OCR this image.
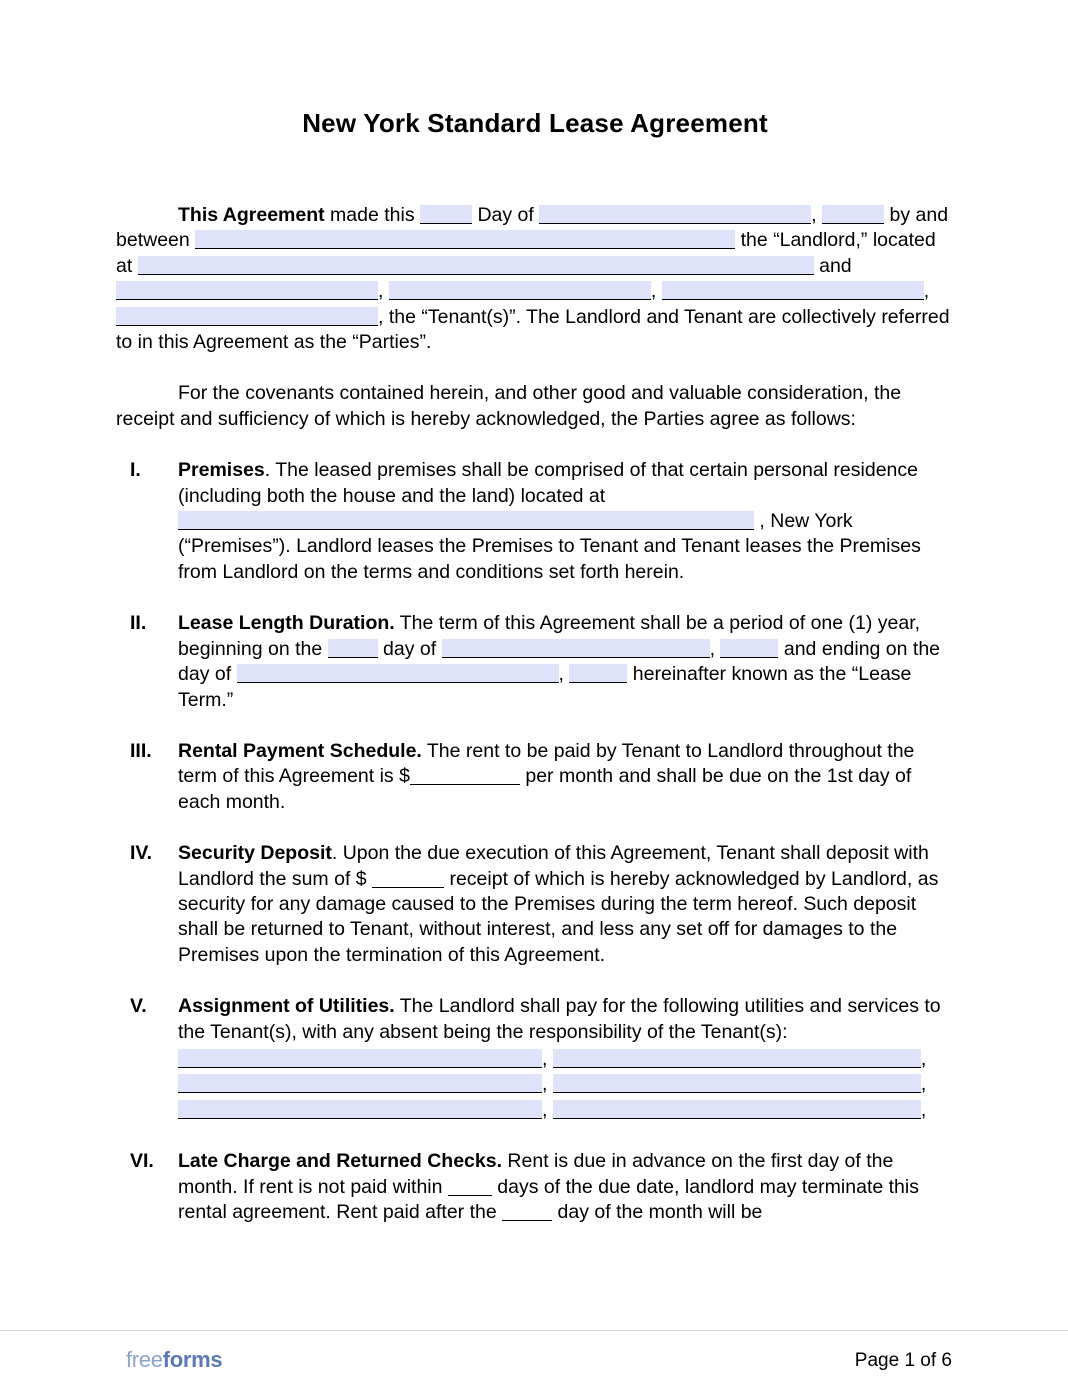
New York Standard Lease Agreement
This Agreement made this	Day of	,	by and between	the “Landlord,” located at	and ,	,	,, the “Tenant(s)”. The Landlord and Tenant are collectively referred to in this Agreement as the “Parties”.
For the covenants contained herein, and other good and valuable consideration, the receipt and sufficiency of which is hereby acknowledged, the Parties agree as follows:
I.	Premises. The leased premises shall be comprised of that certain personal residence (including both the house and the land) located at  , New York (“Premises”). Landlord leases the Premises to Tenant and Tenant leases the Premises from Landlord on the terms and conditions set forth herein.
II.	Lease Length Duration. The term of this Agreement shall be a period of one (1) year, beginning on the	day of	,	and ending on the day of	,	hereinafter known as the “Lease Term.”
III.	Rental Payment Schedule. The rent to be paid by Tenant to Landlord throughout the term of this Agreement is $	per month and shall be due on the 1st day of each month.
IV.	Security Deposit. Upon the due execution of this Agreement, Tenant shall deposit with Landlord the sum of $	receipt of which is hereby acknowledged by Landlord, as security for any damage caused to the Premises during the term hereof. Such deposit shall be returned to Tenant, without interest, and less any set off for damages to the Premises upon the termination of this Agreement.
V.	Assignment of Utilities. The Landlord shall pay for the following utilities and services to the Tenant(s), with any absent being the responsibility of the Tenant(s):
,	,
,	,
,	,
VI.	Late Charge and Returned Checks. Rent is due in advance on the first day of the month. If rent is not paid within  days of the due date, landlord may terminate this rental agreement. Rent paid after the	day of the month will be
freeforms	Page 1 of 6
